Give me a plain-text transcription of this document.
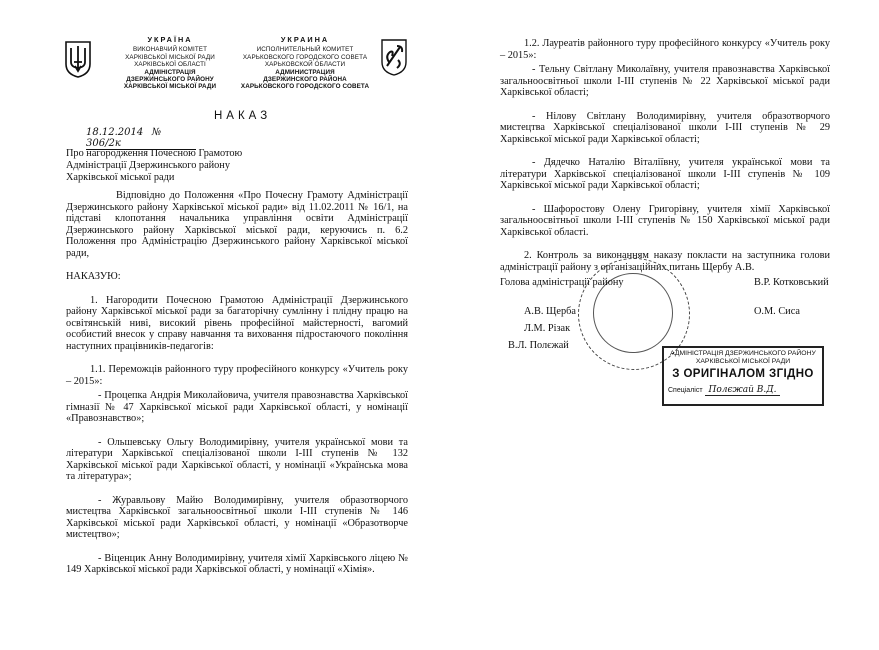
УКРАЇНА
ВИКОНАВЧИЙ КОМІТЕТ
ХАРКІВСЬКОЇ МІСЬКОЇ РАДИ
ХАРКІВСЬКОЇ ОБЛАСТІ
АДМІНІСТРАЦІЯ
ДЗЕРЖИНСЬКОГО РАЙОНУ
ХАРКІВСЬКОЇ МІСЬКОЇ РАДИ
УКРАИНА
ИСПОЛНИТЕЛЬНЫЙ КОМИТЕТ
ХАРЬКОВСКОГО ГОРОДСКОГО СОВЕТА
ХАРЬКОВСКОЙ ОБЛАСТИ
АДМИНИСТРАЦИЯ
ДЗЕРЖИНСКОГО РАЙОНА
ХАРЬКОВСКОГО ГОРОДСКОГО СОВЕТА
НАКАЗ
18.12.2014 № 306/2к
Про нагородження Почесною Грамотою
Адміністрації Дзержинського району
Харківської міської ради

Відповідно до Положення «Про Почесну Грамоту Адміністрації Дзержинського району Харківської міської ради» від 11.02.2011 № 16/1, на підставі клопотання начальника управління освіти Адміністрації Дзержинського району Харківської міської ради, керуючись п. 6.2 Положення про Адміністрацію Дзержинського району Харківської міської ради,

НАКАЗУЮ:

1. Нагородити Почесною Грамотою Адміністрації Дзержинського району Харківської міської ради за багаторічну сумлінну і плідну працю на освітянській ниві, високий рівень професійної майстерності, вагомий особистий внесок у справу навчання та виховання підростаючого покоління наступних працівників-педагогів:

1.1. Переможців районного туру професійного конкурсу «Учитель року – 2015»:

- Процепка Андрія Миколайовича, учителя правознавства Харківської гімназії № 47 Харківської міської ради Харківської області, у номінації «Правознавство»;

- Ольшевську Ольгу Володимирівну, учителя української мови та літератури Харківської спеціалізованої школи І-ІІІ ступенів № 132 Харківської міської ради Харківської області, у номінації «Українська мова та література»;

- Журавльову Майю Володимирівну, учителя образотворчого мистецтва Харківської загальноосвітньої школи І-ІІІ ступенів № 146 Харківської міської ради Харківської області, у номінації «Образотворче мистецтво»;

- Віценцик Анну Володимирівну, учителя хімії Харківського ліцею № 149 Харківської міської ради Харківської області, у номінації «Хімія».

1.2. Лауреатів районного туру професійного конкурсу «Учитель року – 2015»:

- Тельну Світлану Миколаївну, учителя правознавства Харківської загальноосвітньої школи І-ІІІ ступенів № 22 Харківської міської ради Харківської області;

- Нілову Світлану Володимирівну, учителя образотворчого мистецтва Харківської спеціалізованої школи І-ІІІ ступенів № 29 Харківської міської ради Харківської області;

- Дядечко Наталію Віталіївну, учителя української мови та літератури Харківської спеціалізованої школи І-ІІІ ступенів № 109 Харківської міської ради Харківської області;

- Шафоростову Олену Григорівну, учителя хімії Харківської загальноосвітньої школи І-ІІІ ступенів № 150 Харківської міської ради Харківської області.

2. Контроль за виконанням наказу покласти на заступника голови адміністрації району з організаційних питань Щербу А.В.

Голова адміністрації району	В.Р. Котковський
А.В. Щерба	О.М. Сиса
Л.М. Різак
В.Л. Полєжай
АДМІНІСТРАЦІЯ ДЗЕРЖИНСЬКОГО РАЙОНУ
ХАРКІВСЬКОЇ МІСЬКОЇ РАДИ
З ОРИГІНАЛОМ ЗГІДНО
Спеціаліст Полєжай В.Д.
